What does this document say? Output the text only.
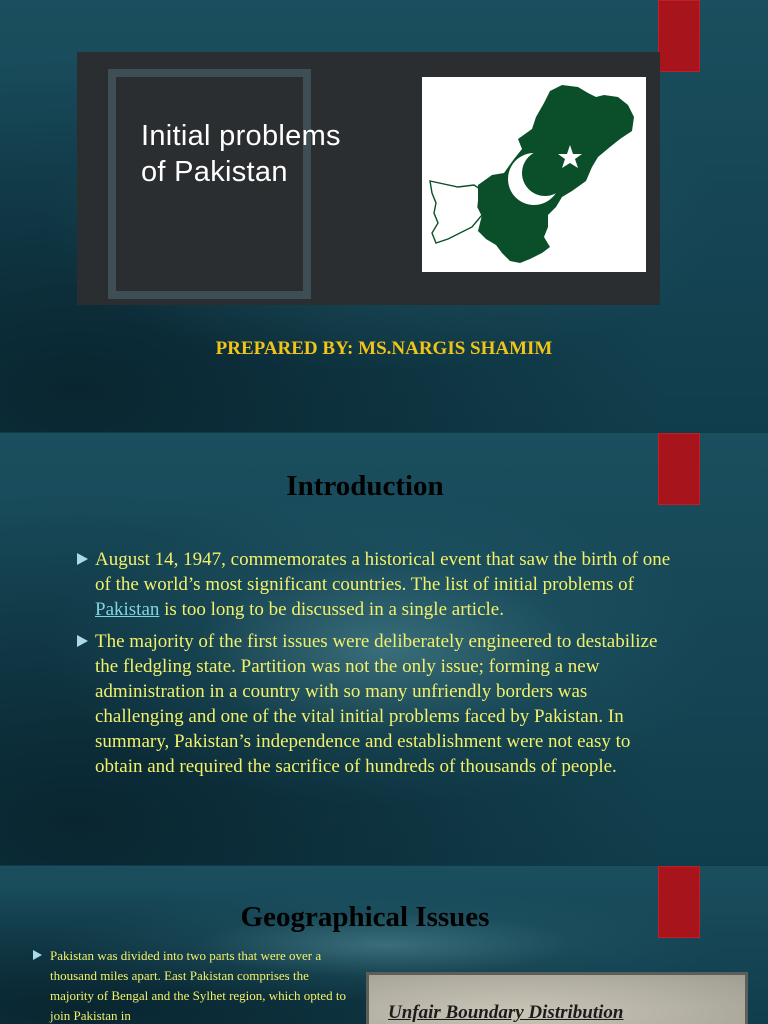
Initial problems
of Pakistan
PREPARED BY: MS.NARGIS SHAMIM
Introduction
August 14, 1947, commemorates a historical event that saw the birth of one of the world’s most significant countries. The list of initial problems of Pakistan is too long to be discussed in a single article.
The majority of the first issues were deliberately engineered to destabilize the fledgling state. Partition was not the only issue; forming a new administration in a country with so many unfriendly borders was challenging and one of the vital initial problems faced by Pakistan. In summary, Pakistan’s independence and establishment were not easy to obtain and required the sacrifice of hundreds of thousands of people.
Geographical Issues
Pakistan was divided into two parts that were over a thousand miles apart. East Pakistan comprises the majority of Bengal and the Sylhet region, which opted to join Pakistan in	Unfair Boundary Distribution
